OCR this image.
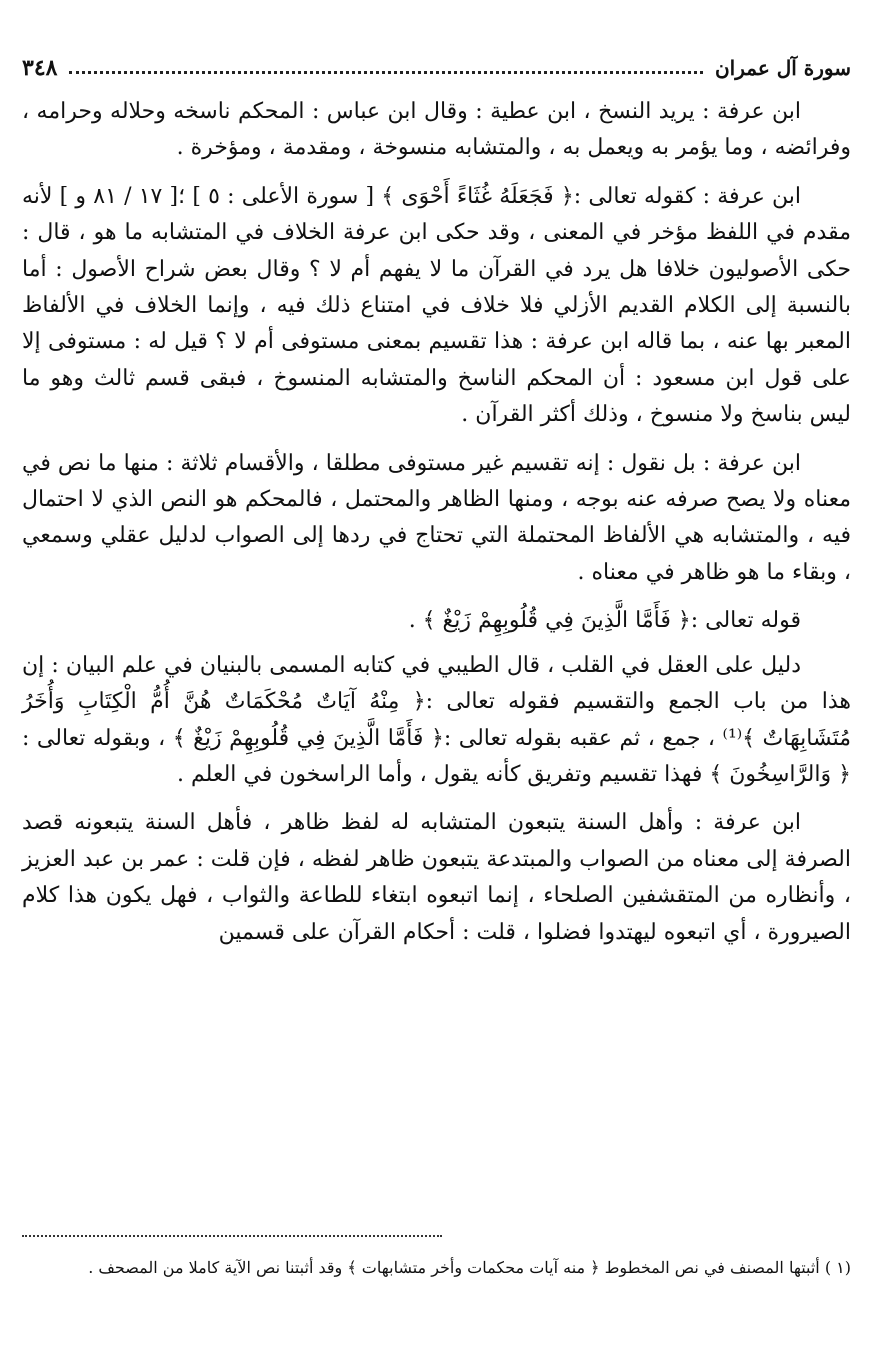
٣٤٨	سورة آل عمران

ابن عرفة : يريد النسخ ، ابن عطية : وقال ابن عباس : المحكم ناسخه وحلاله وحرامه ، وفرائضه ، وما يؤمر به ويعمل به ، والمتشابه منسوخة ، ومقدمة ، ومؤخرة .

ابن عرفة : كقوله تعالى :﴿ فَجَعَلَهُ غُثَاءً أَحْوَى ﴾ [ سورة الأعلى : ٥ ] ؛[ ١٧ / ٨١ و ] لأنه مقدم في اللفظ مؤخر في المعنى ، وقد حكى ابن عرفة الخلاف في المتشابه ما هو ، قال : حكى الأصوليون خلافا هل يرد في القرآن ما لا يفهم أم لا ؟ وقال بعض شراح الأصول : أما بالنسبة إلى الكلام القديم الأزلي فلا خلاف في امتناع ذلك فيه ، وإنما الخلاف في الألفاظ المعبر بها عنه ، بما قاله ابن عرفة : هذا تقسيم بمعنى مستوفى أم لا ؟ قيل له : مستوفى إلا على قول ابن مسعود : أن المحكم الناسخ والمتشابه المنسوخ ، فبقى قسم ثالث وهو ما ليس بناسخ ولا منسوخ ، وذلك أكثر القرآن .

ابن عرفة : بل نقول : إنه تقسيم غير مستوفى مطلقا ، والأقسام ثلاثة : منها ما نص في معناه ولا يصح صرفه عنه بوجه ، ومنها الظاهر والمحتمل ، فالمحكم هو النص الذي لا احتمال فيه ، والمتشابه هي الألفاظ المحتملة التي تحتاج في ردها إلى الصواب لدليل عقلي وسمعي ، وبقاء ما هو ظاهر في معناه .

قوله تعالى :﴿ فَأَمَّا الَّذِينَ فِي قُلُوبِهِمْ زَيْغٌ ﴾ .

دليل على العقل في القلب ، قال الطيبي في كتابه المسمى بالبنيان في علم البيان : إن هذا من باب الجمع والتقسيم فقوله تعالى :﴿ مِنْهُ آيَاتٌ مُحْكَمَاتٌ هُنَّ أُمُّ الْكِتَابِ وَأُخَرُ مُتَشَابِهَاتٌ ﴾⁽¹⁾ ، جمع ، ثم عقبه بقوله تعالى :﴿ فَأَمَّا الَّذِينَ فِي قُلُوبِهِمْ زَيْغٌ ﴾ ، وبقوله تعالى :﴿ وَالرَّاسِخُونَ ﴾ فهذا تقسيم وتفريق كأنه يقول ، وأما الراسخون في العلم .

ابن عرفة : وأهل السنة يتبعون المتشابه له لفظ ظاهر ، فأهل السنة يتبعونه قصد الصرفة إلى معناه من الصواب والمبتدعة يتبعون ظاهر لفظه ، فإن قلت : عمر بن عبد العزيز ، وأنظاره من المتقشفين الصلحاء ، إنما اتبعوه ابتغاء للطاعة والثواب ، فهل يكون هذا كلام الصيرورة ، أي اتبعوه ليهتدوا فضلوا ، قلت : أحكام القرآن على قسمين

(١ ) أثبتها المصنف في نص المخطوط ﴿ منه آيات محكمات وأخر متشابهات ﴾ وقد أثبتنا نص الآية كاملا من المصحف .
